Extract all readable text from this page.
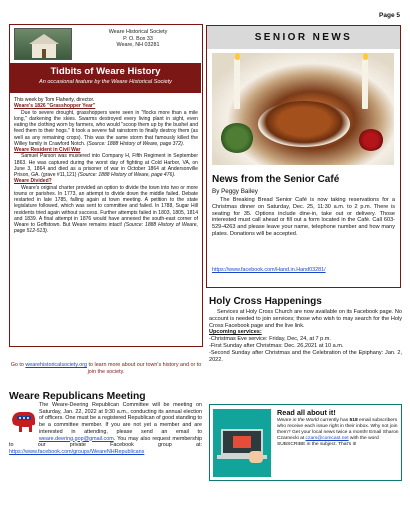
Page 5
Weare Historical Society
P. O. Box 33
Weare, NH 03281
Tidbits of Weare History
An occasional feature by the Weare Historical Society

This week by Tom Flaherty, director.

Weare's 1826 "Grasshopper Year"

Due to severe drought, grasshoppers were seen in "flocks more than a mile long," darkening the skies. Swarms destroyed every living plant in sight, even eating the clothing worn by farmers, who would "scoop them up by the bushel and feed them to their hogs." It took a severe fall rainstorm to finally destroy them (as well as any remaining crops). This was the same storm that famously killed the Willey family in Crawford Notch. (Source: 1888 History of Weare, page 372).

Weare Resident in Civil War

Samuel Parson was mustered into Company H, Fifth Regiment in September 1863. He was captured during the worst day of fighting at Cold Harbor, VA, on June 3, 1864 and died as a prisoner of war in October 1864 at Andersonville Prison, GA. (grave #11,121) (Source: 1888 History of Weare, page 476).

Weare Divided?

Weare's original charter provided an option to divide the town into two or more towns or parishes. In 1773, an attempt to divide down the middle failed. Debate restarted in late 1785, falling again at town meeting. A petition to the state legislature followed, which was sent to committee and failed. In 1788, Sugar Hill residents tried again without success. Further attempts failed in 1803, 1805, 1814 and 1839. A final attempt in 1876 would have annexed the south-east corner of Weare to Goffstown. But Weare remains intact! (Source: 1888 History of Weare, page 512-513).

Go to wearehistoricalsociety.org to learn more about our town's history and or to join the society.
Weare Republicans Meeting
The Weare-Deering Republican Committee will be meeting on Saturday, Jan. 22, 2022 at 9:30 a.m., conducting its annual election of officers. One must be a registered Republican of good standing to be a committee member. If you are not yet a member and are interested in attending, please send an email to weare.deering.gop@gmail.com. You may also request membership to our private Facebook group at: https://www.facebook.com/groups/WeareNHRepublicans
SENIOR NEWS
News from the Senior Café
By Peggy Bailey
The Breaking Bread Senior Café is now taking reservations for a Christmas dinner on Saturday, Dec. 25, 11:30 a.m. to 2 p.m. There is seating for 35. Options include dine-in, take out or delivery. Those interested must call ahead or fill out a form located in the Café. Call 603-529-4263 and please leave your name, telephone number and how many plates. Donations will be accepted.
https://www.facebook.com/Hand.in.Hand03281/
Holy Cross Happenings

Services at Holy Cross Church are now available on its Facebook page. No account is needed to join services; those who wish to may search for the Holy Cross Facebook page and the live link.

Upcoming services:

-Christmas Eve service: Friday, Dec, 24, at 7 p.m.

-First Sunday after Christmas: Dec. 26,2021 at 10 a.m.

-Second Sunday after Christmas and the Celebration of the Epiphany: Jan. 2, 2022.

Read all about it!
Weare in the World currently has 518 email subscribers who receive each issue right in their inbox. Why not join them? Get your local news twice a month! Email Sharon Czarnecki at czars@comcast.net with the word SUBSCRIBE in the subject. That's it!
